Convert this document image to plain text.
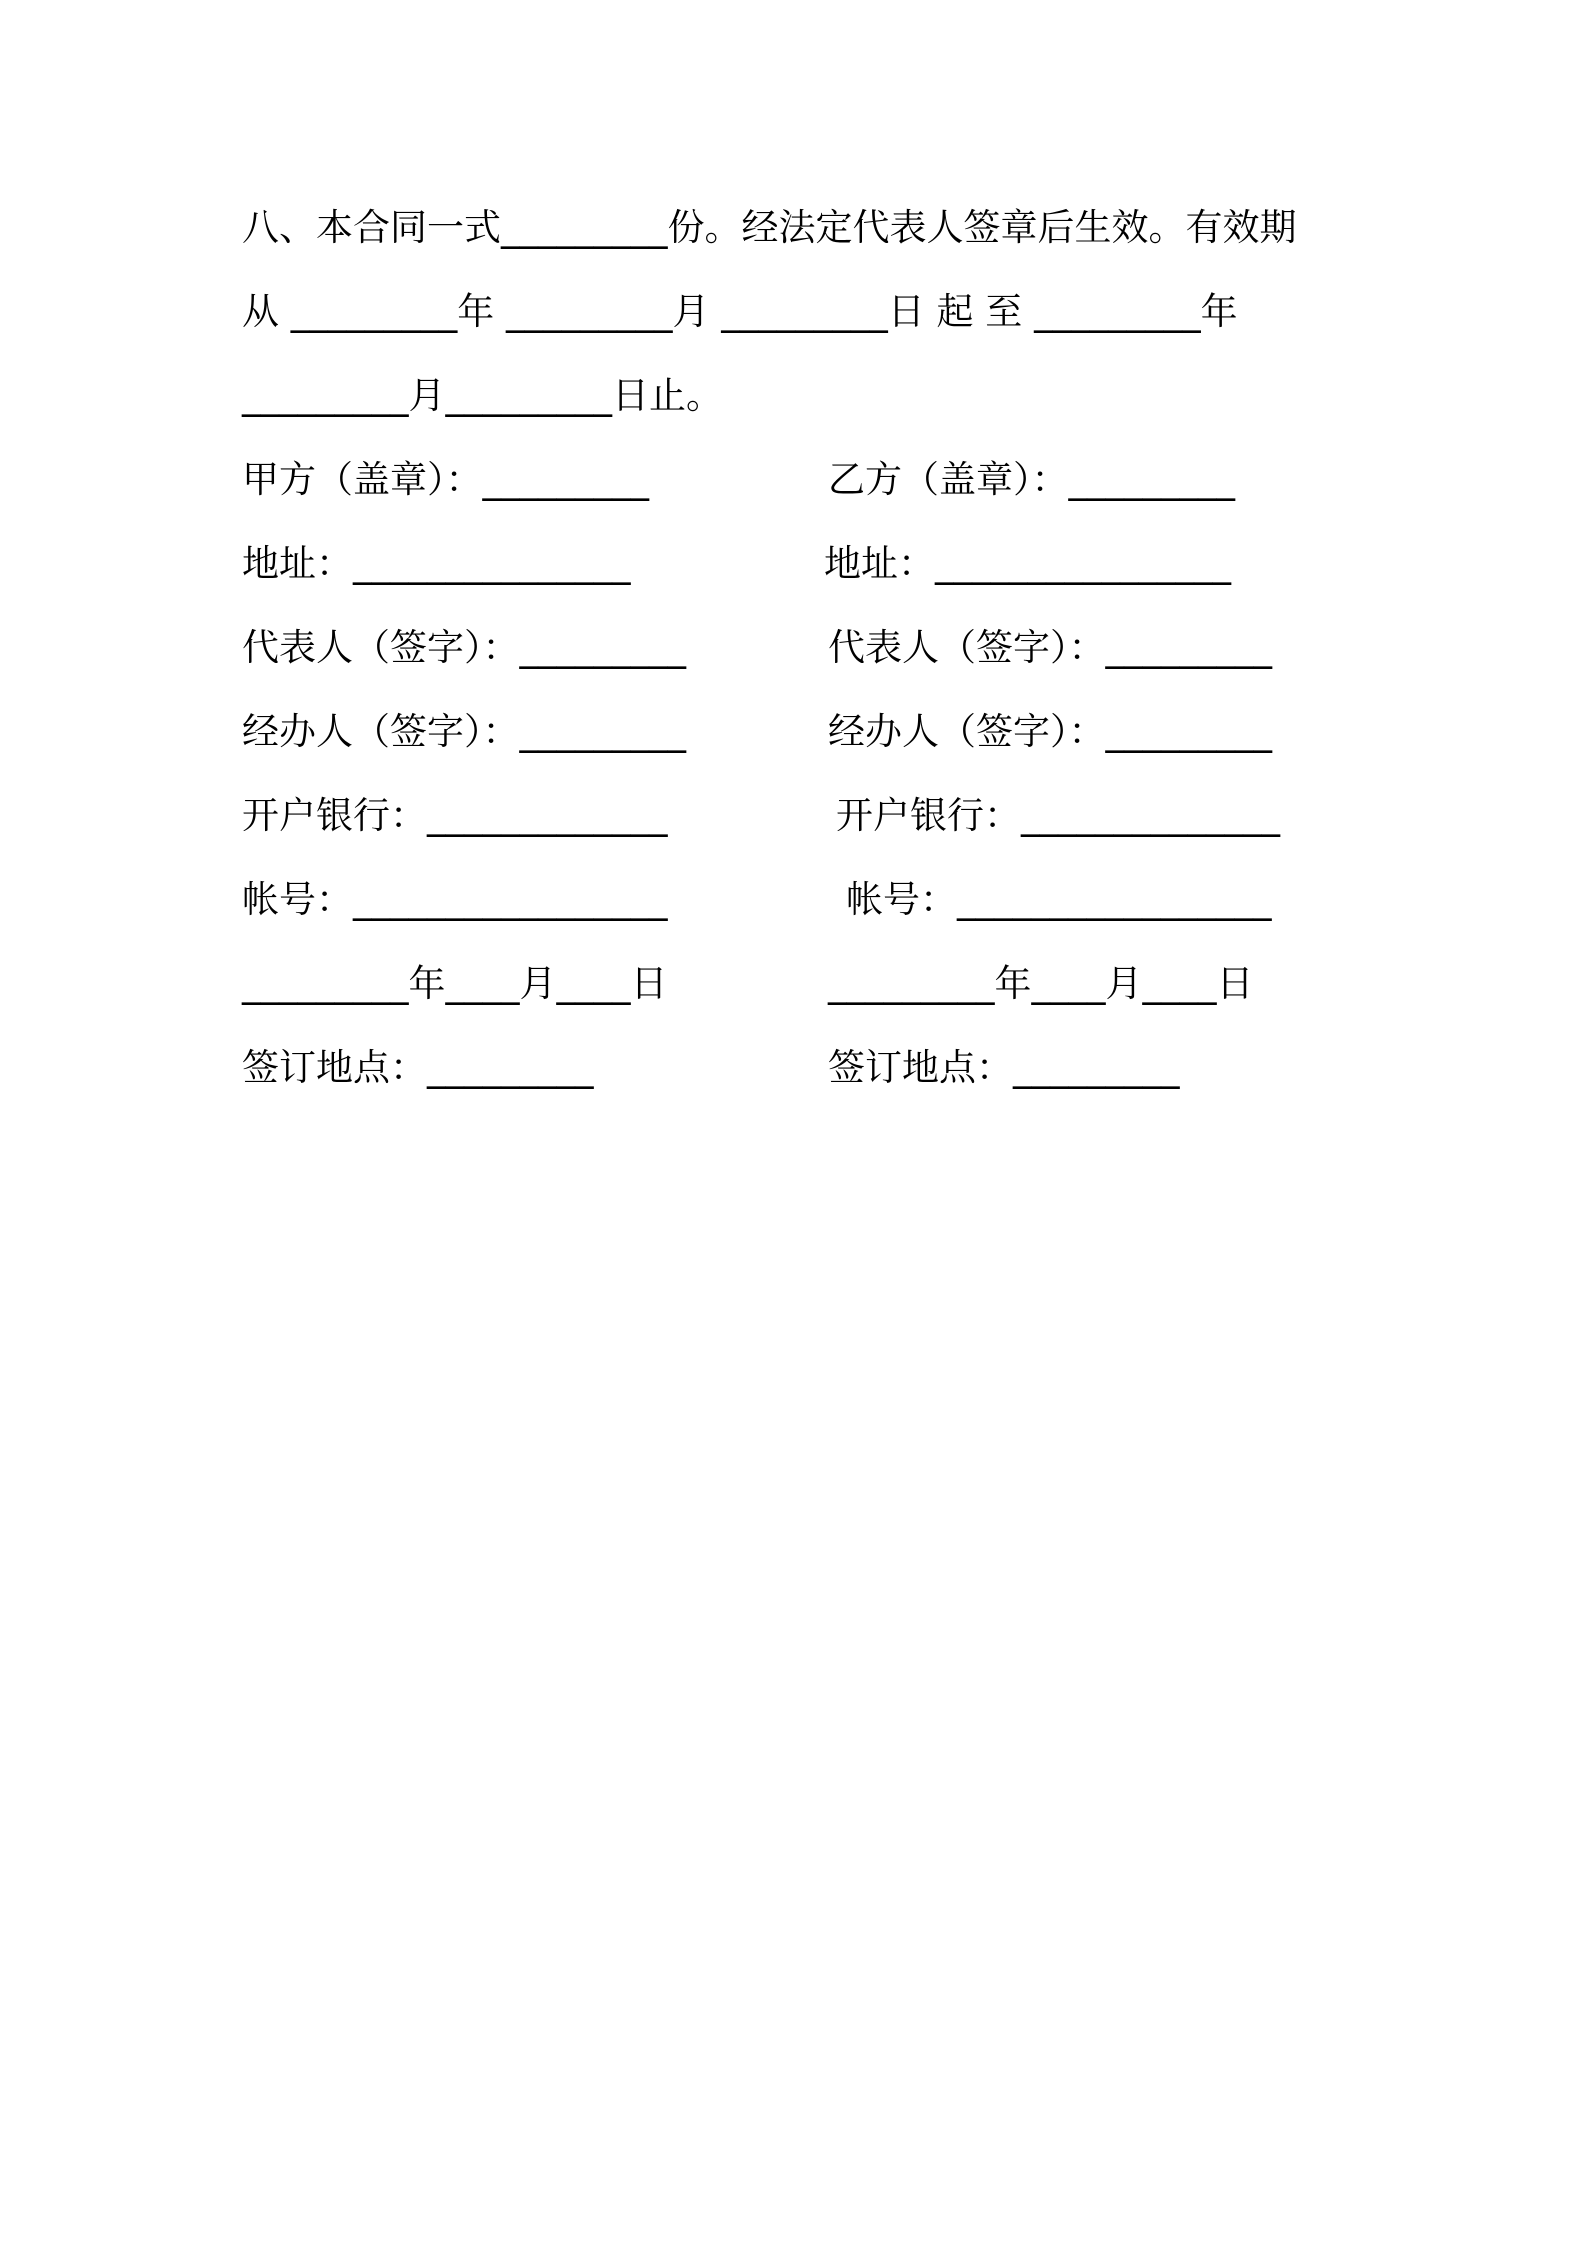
八、本合同一式_________份。经法定代表人签章后生效。有效期
从 _________年 _________月 _________日 起 至 _________年
_________月_________日止。
甲方（盖章）：_________
地址：_______________
代表人（签字）：_________
经办人（签字）：_________
开户银行：_____________
帐号：_________________
_________年____月____日
签订地点：_________
乙方（盖章）：_________
地址：________________
代表人（签字）：_________
经办人（签字）：_________
开户银行：______________
帐号：_________________
_________年____月____日
签订地点：_________
